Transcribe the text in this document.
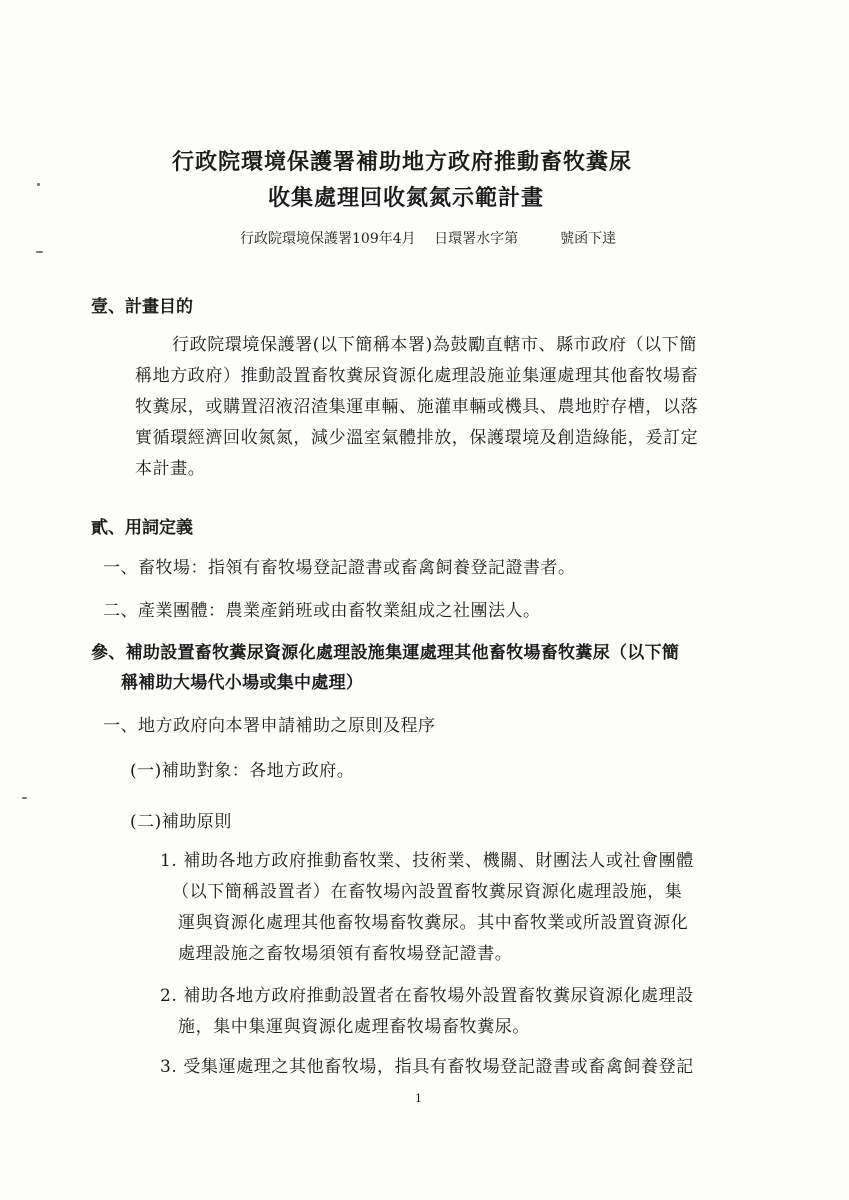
行政院環境保護署補助地方政府推動畜牧糞尿
收集處理回收氮氮示範計畫
行政院環境保護署109年4月　 日環署水字第　　　號函下達
壹、計畫目的
行政院環境保護署(以下簡稱本署)為鼓勵直轄市、縣市政府（以下簡
稱地方政府）推動設置畜牧糞尿資源化處理設施並集運處理其他畜牧場畜
牧糞尿，或購置沼液沼渣集運車輛、施灌車輛或機具、農地貯存槽，以落
實循環經濟回收氮氮，減少溫室氣體排放，保護環境及創造綠能，爰訂定
本計畫。
貳、用詞定義
一、畜牧場：指領有畜牧場登記證書或畜禽飼養登記證書者。
二、產業團體：農業產銷班或由畜牧業組成之社團法人。
參、補助設置畜牧糞尿資源化處理設施集運處理其他畜牧場畜牧糞尿（以下簡
稱補助大場代小場或集中處理）
一、地方政府向本署申請補助之原則及程序
(一)補助對象：各地方政府。
(二)補助原則
1. 補助各地方政府推動畜牧業、技術業、機關、財團法人或社會團體
（以下簡稱設置者）在畜牧場內設置畜牧糞尿資源化處理設施，集
運與資源化處理其他畜牧場畜牧糞尿。其中畜牧業或所設置資源化
處理設施之畜牧場須領有畜牧場登記證書。
2. 補助各地方政府推動設置者在畜牧場外設置畜牧糞尿資源化處理設
施，集中集運與資源化處理畜牧場畜牧糞尿。
3. 受集運處理之其他畜牧場，指具有畜牧場登記證書或畜禽飼養登記
1
